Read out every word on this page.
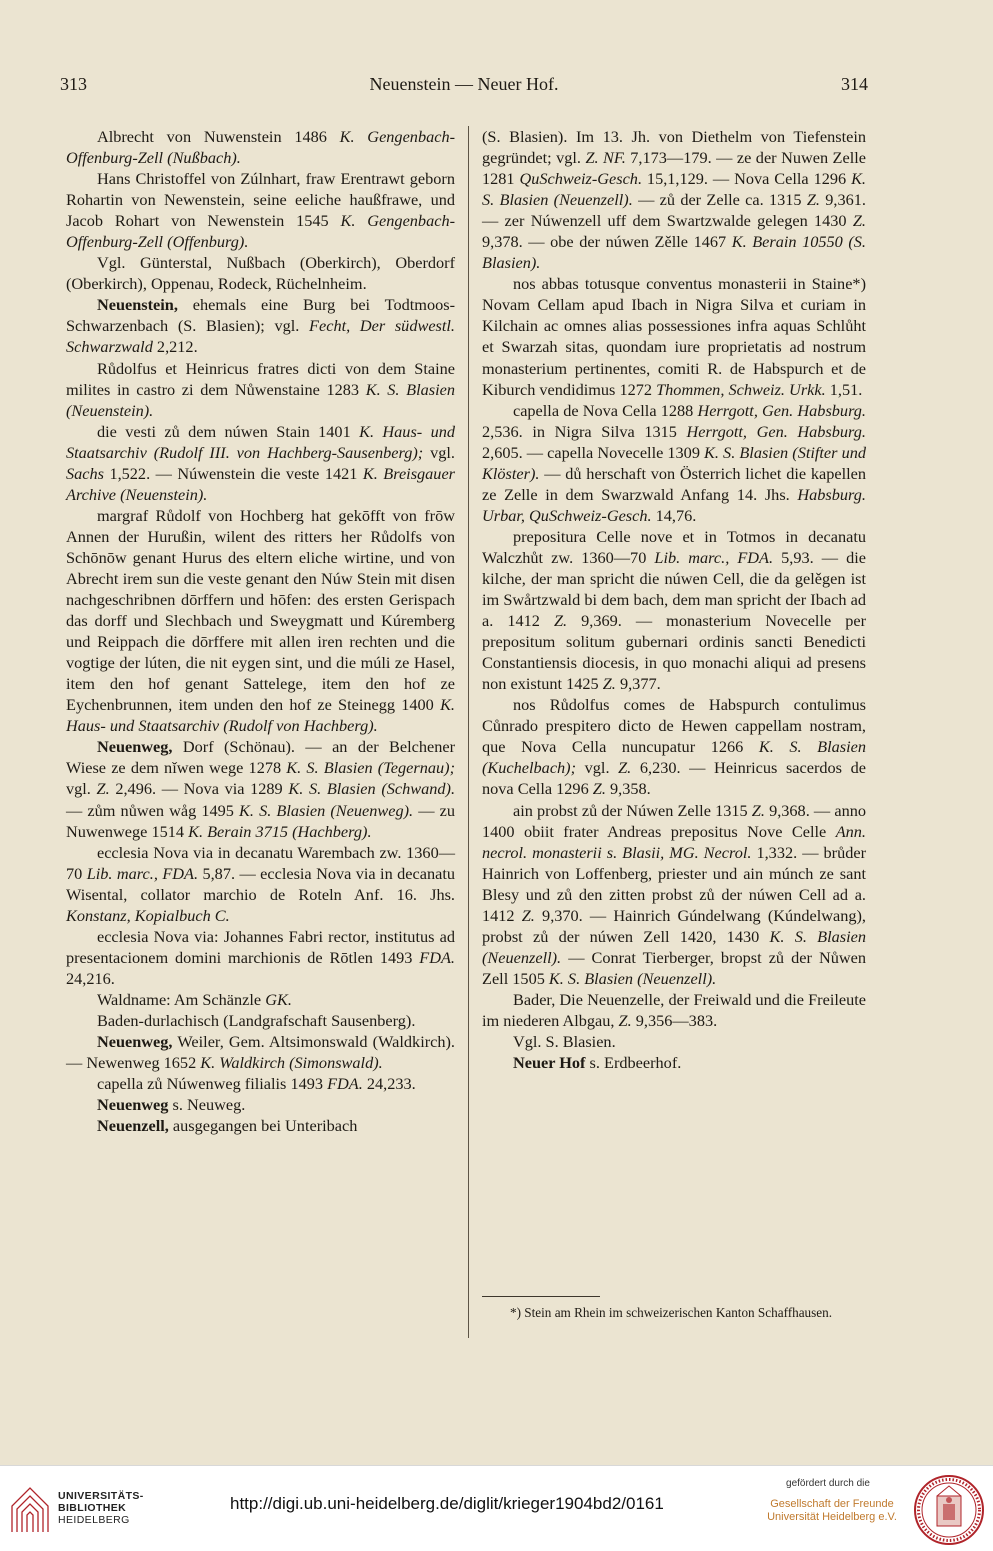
313	Neuenstein — Neuer Hof.	314

Albrecht von Nuwenstein 1486 K. Gengenbach-Offenburg-Zell (Nußbach).

Hans Christoffel von Zúlnhart, fraw Erentrawt geborn Rohartin von Newenstein, seine eeliche haußfrawe, und Jacob Rohart von Newenstein 1545 K. Gengenbach-Offenburg-Zell (Offenburg).

Vgl. Günterstal, Nußbach (Oberkirch), Oberdorf (Oberkirch), Oppenau, Rodeck, Rüchelnheim.

Neuenstein, ehemals eine Burg bei Todtmoos-Schwarzenbach (S. Blasien); vgl. Fecht, Der südwestl. Schwarzwald 2,212.

Růdolfus et Heinricus fratres dicti von dem Staine milites in castro zi dem Nůwenstaine 1283 K. S. Blasien (Neuenstein).

die vesti zů dem núwen Stain 1401 K. Haus- und Staatsarchiv (Rudolf III. von Hachberg-Sausenberg); vgl. Sachs 1,522. — Núwenstein die veste 1421 K. Breisgauer Archive (Neuenstein).

margraf Růdolf von Hochberg hat gekōfft von frōw Annen der Hurußin, wilent des ritters her Růdolfs von Schōnōw genant Hurus des eltern eliche wirtine, und von Abrecht irem sun die veste genant den Núw Stein mit disen nachgeschribnen dōrffern und hōfen: des ersten Gerispach das dorff und Slechbach und Sweygmatt und Kúremberg und Reippach die dōrffere mit allen iren rechten und die vogtige der lúten, die nit eygen sint, und die múli ze Hasel, item den hof genant Sattelege, item den hof ze Eychenbrunnen, item unden den hof ze Steinegg 1400 K. Haus- und Staatsarchiv (Rudolf von Hachberg).

Neuenweg, Dorf (Schönau). — an der Belchener Wiese ze dem nǐwen wege 1278 K. S. Blasien (Tegernau); vgl. Z. 2,496. — Nova via 1289 K. S. Blasien (Schwand). — zům nůwen wåg 1495 K. S. Blasien (Neuenweg). — zu Nuwenwege 1514 K. Berain 3715 (Hachberg).

ecclesia Nova via in decanatu Warembach zw. 1360—70 Lib. marc., FDA. 5,87. — ecclesia Nova via in decanatu Wisental, collator marchio de Roteln Anf. 16. Jhs. Konstanz, Kopialbuch C.

ecclesia Nova via: Johannes Fabri rector, institutus ad presentacionem domini marchionis de Rōtlen 1493 FDA. 24,216.

Waldname: Am Schänzle GK.

Baden-durlachisch (Landgrafschaft Sausenberg).

Neuenweg, Weiler, Gem. Altsimonswald (Waldkirch). — Newenweg 1652 K. Waldkirch (Simonswald).

capella zů Núwenweg filialis 1493 FDA. 24,233.

Neuenweg s. Neuweg.

Neuenzell, ausgegangen bei Unteribach

(S. Blasien). Im 13. Jh. von Diethelm von Tiefenstein gegründet; vgl. Z. NF. 7,173—179. — ze der Nuwen Zelle 1281 QuSchweiz-Gesch. 15,1,129. — Nova Cella 1296 K. S. Blasien (Neuenzell). — zů der Zelle ca. 1315 Z. 9,361. — zer Núwenzell uff dem Swartzwalde gelegen 1430 Z. 9,378. — obe der núwen Zělle 1467 K. Berain 10550 (S. Blasien).

nos abbas totusque conventus monasterii in Staine*) Novam Cellam apud Ibach in Nigra Silva et curiam in Kilchain ac omnes alias possessiones infra aquas Schlůht et Swarzah sitas, quondam iure proprietatis ad nostrum monasterium pertinentes, comiti R. de Habspurch et de Kiburch vendidimus 1272 Thommen, Schweiz. Urkk. 1,51.

capella de Nova Cella 1288 Herrgott, Gen. Habsburg. 2,536. in Nigra Silva 1315 Herrgott, Gen. Habsburg. 2,605. — capella Novecelle 1309 K. S. Blasien (Stifter und Klöster). — dů herschaft von Österrich lichet die kapellen ze Zelle in dem Swarzwald Anfang 14. Jhs. Habsburg. Urbar, QuSchweiz-Gesch. 14,76.

prepositura Celle nove et in Totmos in decanatu Walczhůt zw. 1360—70 Lib. marc., FDA. 5,93. — die kilche, der man spricht die núwen Cell, die da gelěgen ist im Swårtzwald bi dem bach, dem man spricht der Ibach ad a. 1412 Z. 9,369. — monasterium Novecelle per prepositum solitum gubernari ordinis sancti Benedicti Constantiensis diocesis, in quo monachi aliqui ad presens non existunt 1425 Z. 9,377.

nos Růdolfus comes de Habspurch contulimus Cůnrado prespitero dicto de Hewen cappellam nostram, que Nova Cella nuncupatur 1266 K. S. Blasien (Kuchelbach); vgl. Z. 6,230. — Heinricus sacerdos de nova Cella 1296 Z. 9,358.

ain probst zů der Núwen Zelle 1315 Z. 9,368. — anno 1400 obiit frater Andreas prepositus Nove Celle Ann. necrol. monasterii s. Blasii, MG. Necrol. 1,332. — brůder Hainrich von Loffenberg, priester und ain múnch ze sant Blesy und zů den zitten probst zů der núwen Cell ad a. 1412 Z. 9,370. — Hainrich Gúndelwang (Kúndelwang), probst zů der núwen Zell 1420, 1430 K. S. Blasien (Neuenzell). — Conrat Tierberger, bropst zů der Nůwen Zell 1505 K. S. Blasien (Neuenzell).

Bader, Die Neuenzelle, der Freiwald und die Freileute im niederen Albgau, Z. 9,356—383.

Vgl. S. Blasien.

Neuer Hof s. Erdbeerhof.

*) Stein am Rhein im schweizerischen Kanton Schaffhausen.
UNIVERSITÄTS-
BIBLIOTHEK
HEIDELBERG
http://digi.ub.uni-heidelberg.de/diglit/krieger1904bd2/0161
gefördert durch die
Gesellschaft der Freunde
Universität Heidelberg e.V.
